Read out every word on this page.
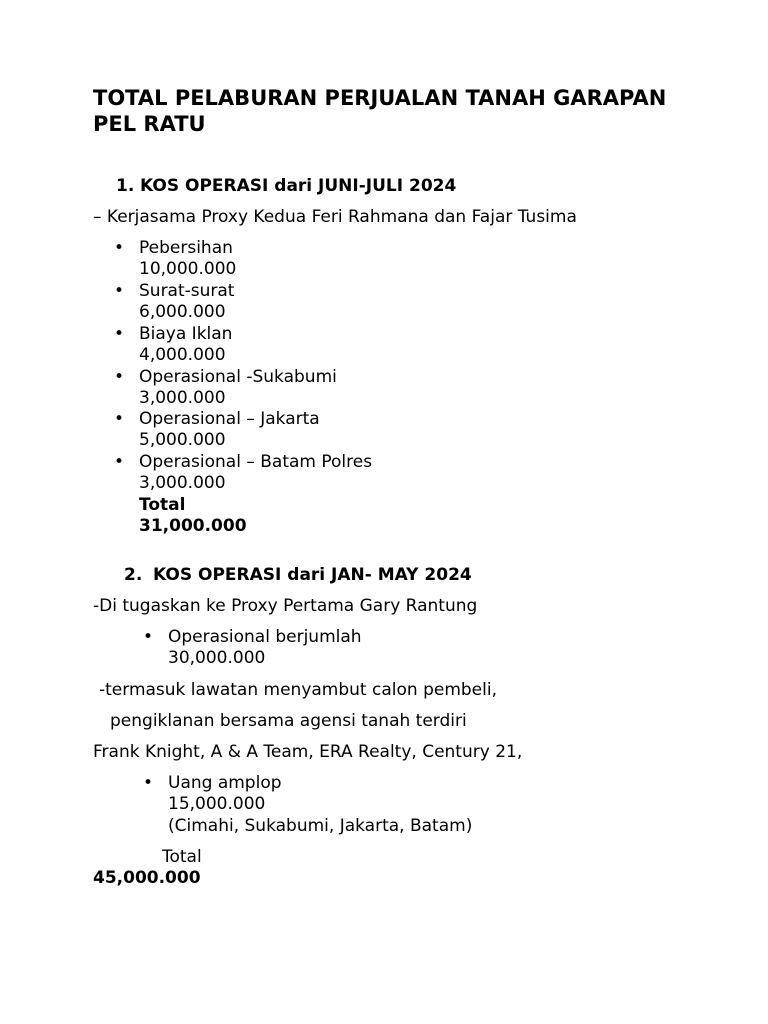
TOTAL PELABURAN PERJUALAN TANAH GARAPAN PEL RATU
1. KOS OPERASI dari JUNI-JULI 2024
– Kerjasama Proxy Kedua Feri Rahmana dan Fajar Tusima
• Pebersihan
10,000.000
• Surat-surat
6,000.000
• Biaya Iklan
4,000.000
• Operasional -Sukabumi
3,000.000
• Operasional – Jakarta
5,000.000
• Operasional – Batam Polres
3,000.000
Total
31,000.000
2. KOS OPERASI dari JAN- MAY 2024
-Di tugaskan ke Proxy Pertama Gary Rantung
• Operasional berjumlah
30,000.000
-termasuk lawatan menyambut calon pembeli,
pengiklanan bersama agensi tanah terdiri
Frank Knight, A & A Team, ERA Realty, Century 21,
• Uang amplop
15,000.000
(Cimahi, Sukabumi, Jakarta, Batam)
Total
45,000.000
